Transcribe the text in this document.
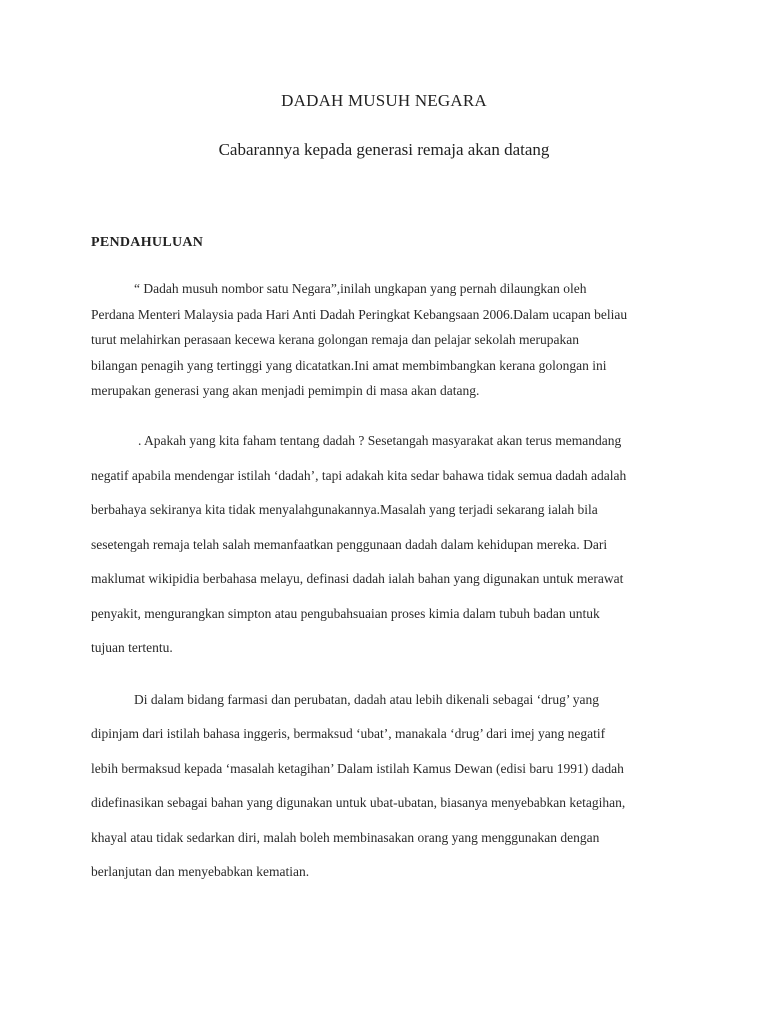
DADAH MUSUH NEGARA
Cabarannya kepada generasi remaja akan datang
PENDAHULUAN

“ Dadah musuh nombor satu Negara”,inilah ungkapan yang pernah dilaungkan oleh
Perdana Menteri Malaysia pada Hari Anti Dadah Peringkat Kebangsaan 2006.Dalam ucapan beliau
turut melahirkan perasaan kecewa kerana golongan remaja dan pelajar sekolah merupakan
bilangan penagih yang tertinggi yang dicatatkan.Ini amat membimbangkan kerana golongan ini
merupakan generasi yang akan menjadi pemimpin di masa akan datang.

. Apakah yang kita faham tentang dadah ? Sesetangah masyarakat akan terus memandang
negatif apabila mendengar istilah ‘dadah’, tapi adakah kita sedar bahawa tidak semua dadah adalah
berbahaya sekiranya kita tidak menyalahgunakannya.Masalah yang terjadi sekarang ialah bila
sesetengah remaja telah salah memanfaatkan penggunaan dadah dalam kehidupan mereka. Dari
maklumat wikipidia berbahasa melayu, definasi dadah ialah bahan yang digunakan untuk merawat
penyakit, mengurangkan simpton atau pengubahsuaian proses kimia dalam tubuh badan untuk
tujuan tertentu.

Di dalam bidang farmasi dan perubatan, dadah atau lebih dikenali sebagai ‘drug’ yang
dipinjam dari istilah bahasa inggeris, bermaksud ‘ubat’, manakala ‘drug’ dari imej yang negatif
lebih bermaksud kepada ‘masalah ketagihan’ Dalam istilah Kamus Dewan (edisi baru 1991) dadah
didefinasikan sebagai bahan yang digunakan untuk ubat-ubatan, biasanya menyebabkan ketagihan,
khayal atau tidak sedarkan diri, malah boleh membinasakan orang yang menggunakan dengan
berlanjutan dan menyebabkan kematian.
